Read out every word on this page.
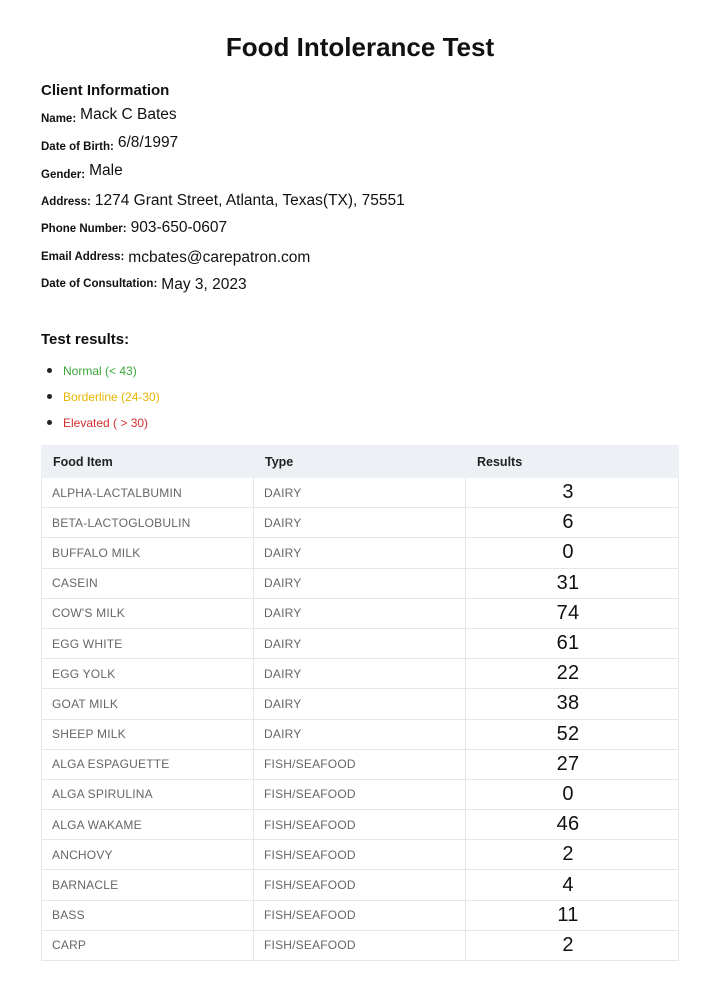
Food Intolerance Test
Client Information
Name: Mack C Bates
Date of Birth: 6/8/1997
Gender: Male
Address: 1274 Grant Street, Atlanta, Texas(TX), 75551
Phone Number: 903-650-0607
Email Address: mcbates@carepatron.com
Date of Consultation: May 3, 2023
Test results:
Normal (< 43)
Borderline (24-30)
Elevated ( > 30)
Food Item	Type	Results
ALPHA-LACTALBUMIN	DAIRY	3
BETA-LACTOGLOBULIN	DAIRY	6
BUFFALO MILK	DAIRY	0
CASEIN	DAIRY	31
COW'S MILK	DAIRY	74
EGG WHITE	DAIRY	61
EGG YOLK	DAIRY	22
GOAT MILK	DAIRY	38
SHEEP MILK	DAIRY	52
ALGA ESPAGUETTE	FISH/SEAFOOD	27
ALGA SPIRULINA	FISH/SEAFOOD	0
ALGA WAKAME	FISH/SEAFOOD	46
ANCHOVY	FISH/SEAFOOD	2
BARNACLE	FISH/SEAFOOD	4
BASS	FISH/SEAFOOD	11
CARP	FISH/SEAFOOD	2
